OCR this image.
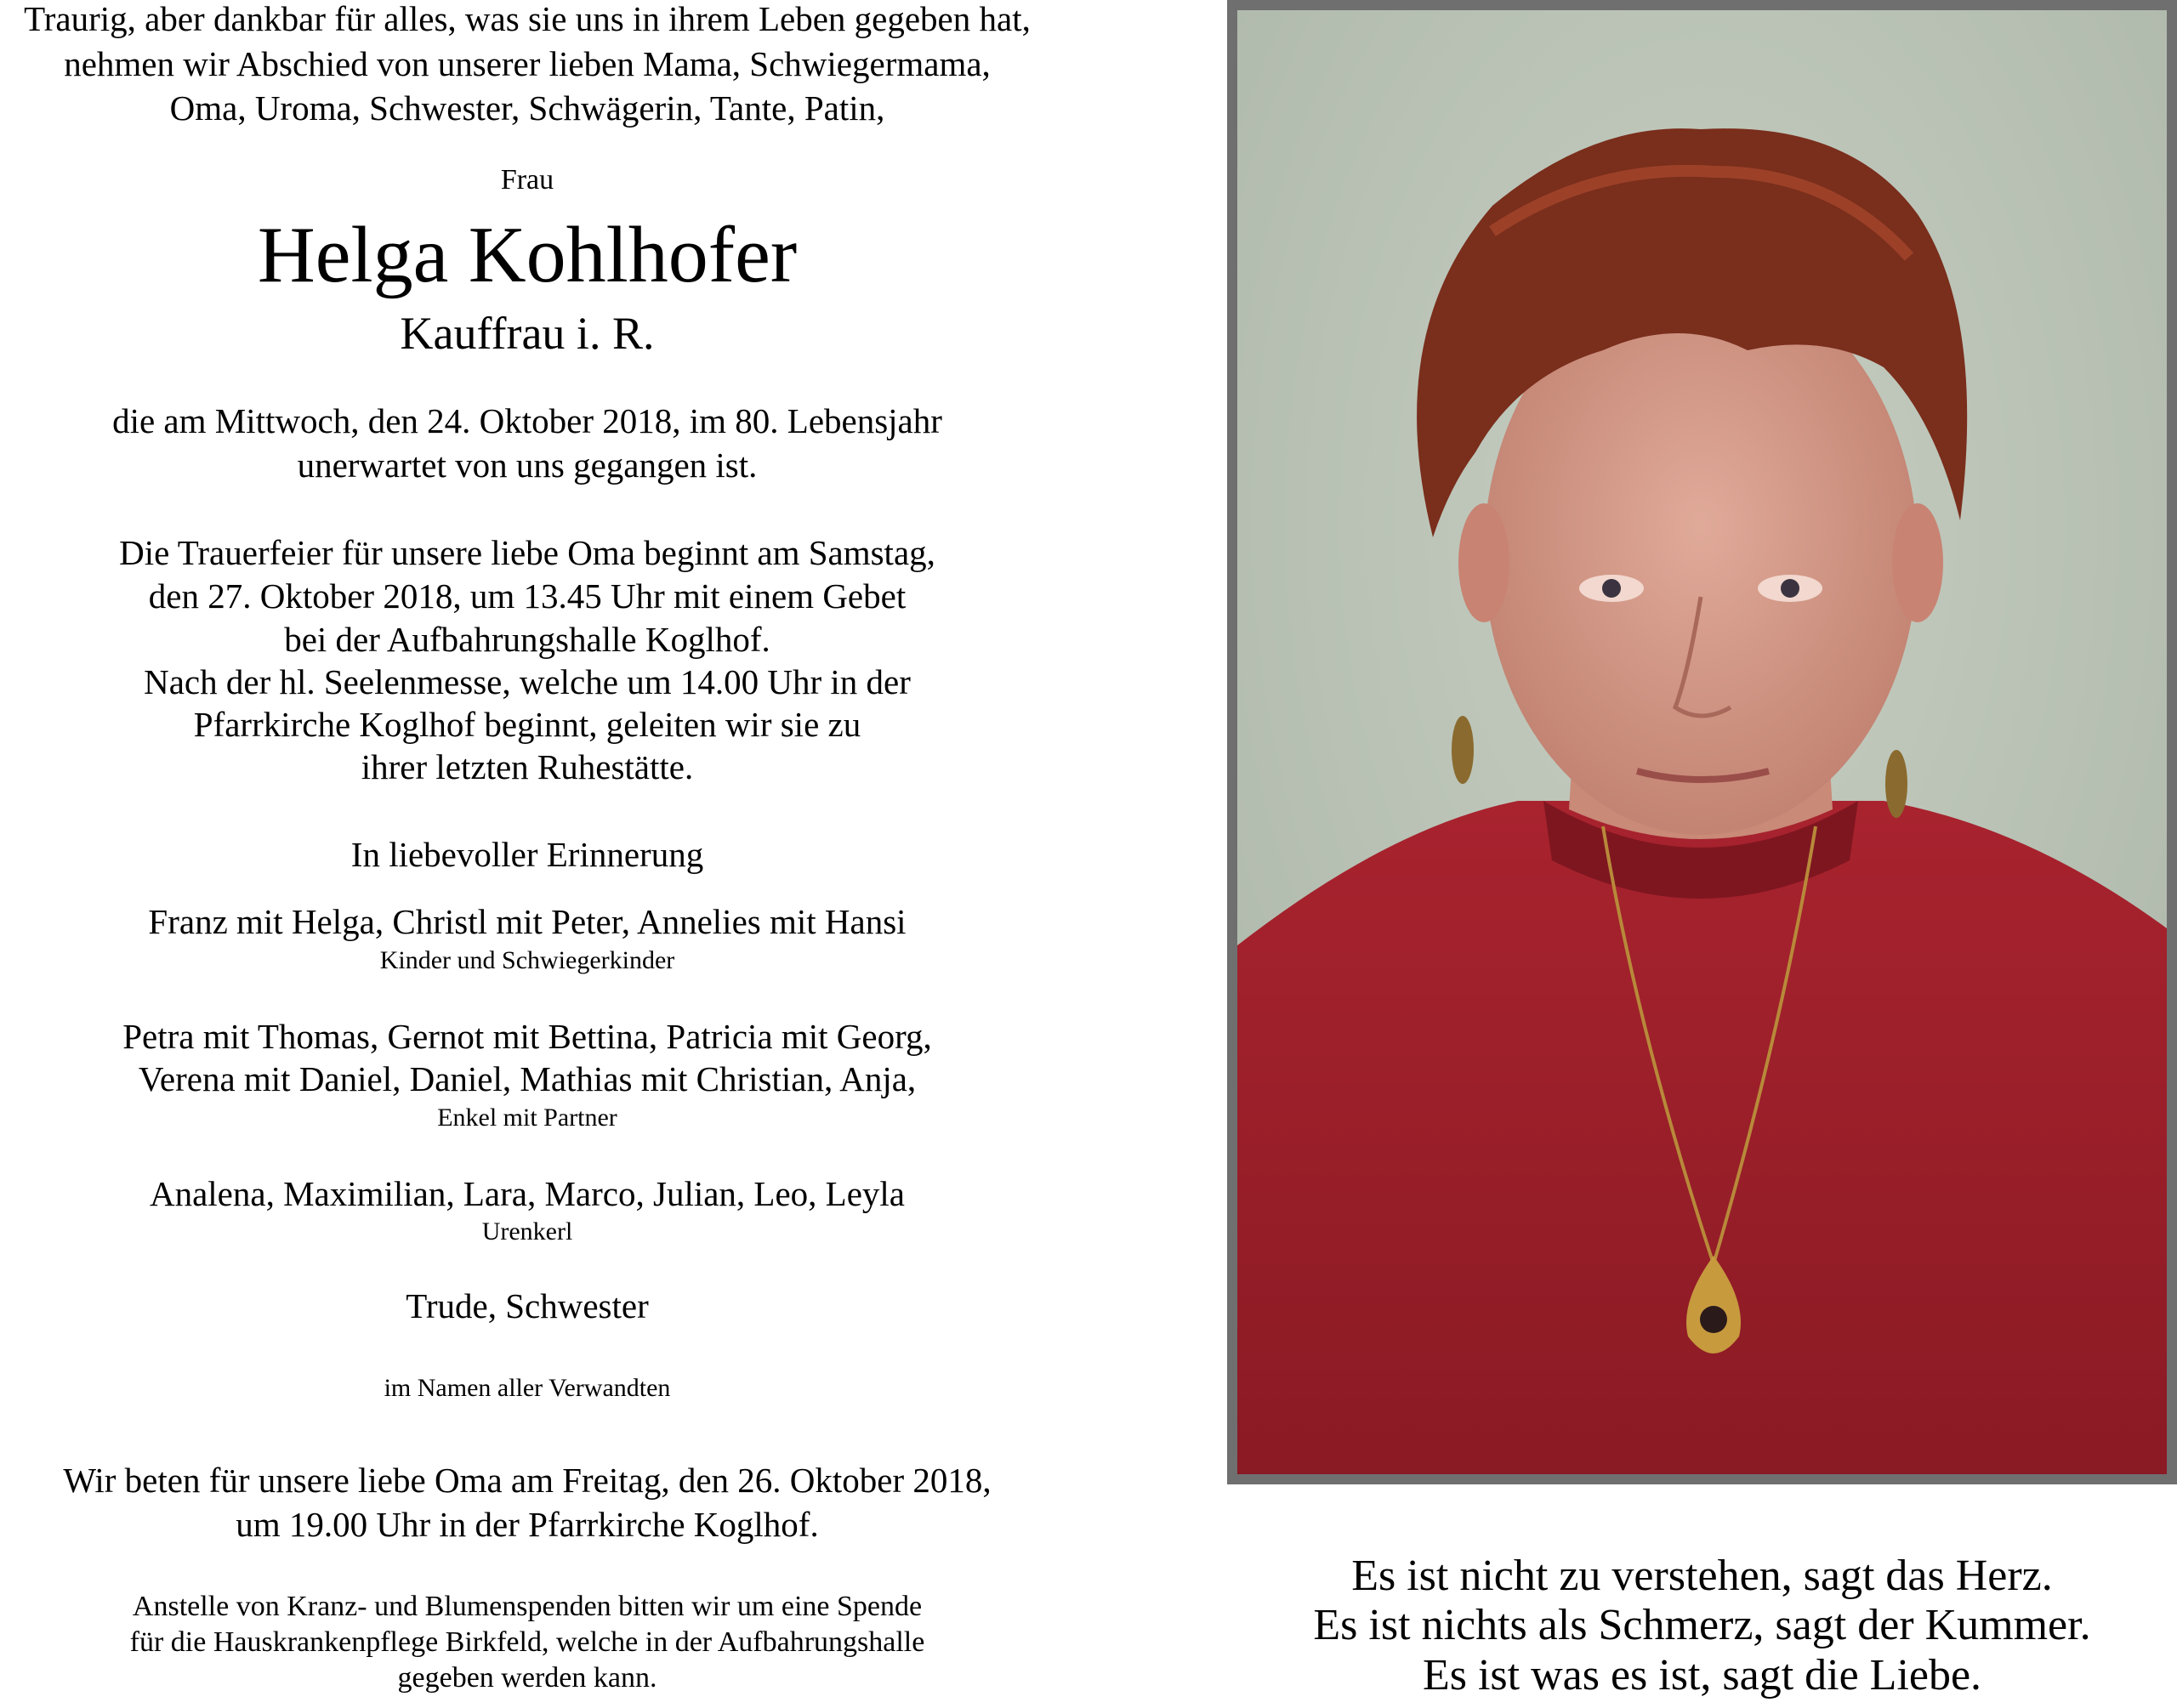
Traurig, aber dankbar für alles, was sie uns in ihrem Leben gegeben hat,
nehmen wir Abschied von unserer lieben Mama, Schwiegermama,
Oma, Uroma, Schwester, Schwägerin, Tante, Patin,
Frau
Helga Kohlhofer
Kauffrau i. R.
die am Mittwoch, den 24. Oktober 2018, im 80. Lebensjahr
unerwartet von uns gegangen ist.
Die Trauerfeier für unsere liebe Oma beginnt am Samstag,
den 27. Oktober 2018, um 13.45 Uhr mit einem Gebet
bei der Aufbahrungshalle Koglhof.
Nach der hl. Seelenmesse, welche um 14.00 Uhr in der
Pfarrkirche Koglhof beginnt, geleiten wir sie zu
ihrer letzten Ruhestätte.
In liebevoller Erinnerung
Franz mit Helga, Christl mit Peter, Annelies mit Hansi
Kinder und Schwiegerkinder
Petra mit Thomas, Gernot mit Bettina, Patricia mit Georg,
Verena mit Daniel, Daniel, Mathias mit Christian, Anja,
Enkel mit Partner
Analena, Maximilian, Lara, Marco, Julian, Leo, Leyla
Urenkerl
Trude, Schwester
im Namen aller Verwandten
Wir beten für unsere liebe Oma am Freitag, den 26. Oktober 2018,
um 19.00 Uhr in der Pfarrkirche Koglhof.
Anstelle von Kranz- und Blumenspenden bitten wir um eine Spende
für die Hauskrankenpflege Birkfeld, welche in der Aufbahrungshalle
gegeben werden kann.
Es ist nicht zu verstehen, sagt das Herz.
Es ist nichts als Schmerz, sagt der Kummer.
Es ist was es ist, sagt die Liebe.
